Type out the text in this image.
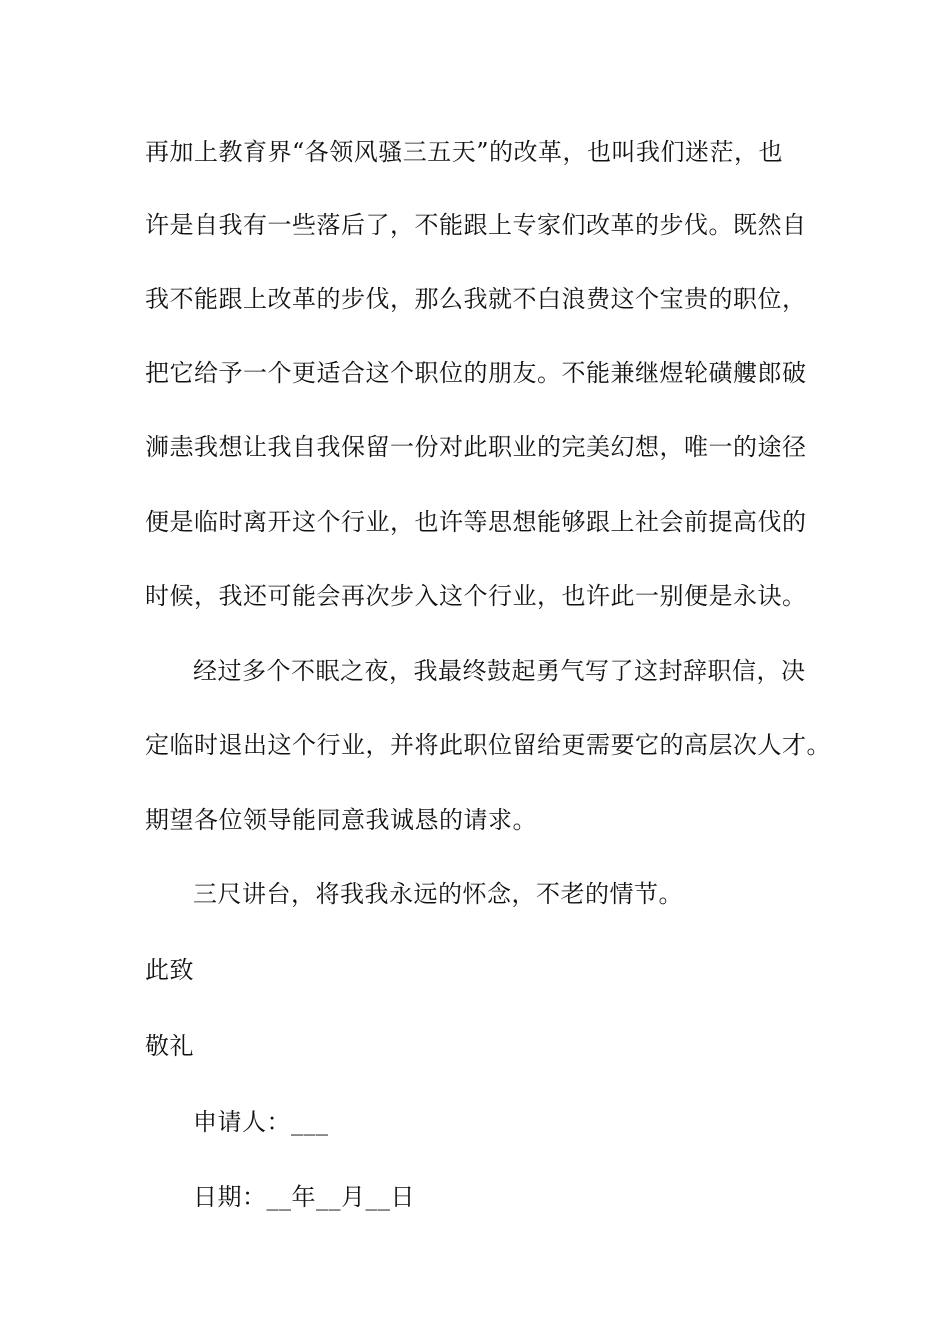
再加上教育界“各领风骚三五天”的改革，也叫我们迷茫，也
许是自我有一些落后了，不能跟上专家们改革的步伐。既然自
我不能跟上改革的步伐，那么我就不白浪费这个宝贵的职位，
把它给予一个更适合这个职位的朋友。不能兼继煜轮磺艛郎破
浉恚我想让我自我保留一份对此职业的完美幻想，唯一的途径
便是临时离开这个行业，也许等思想能够跟上社会前提高伐的
时候，我还可能会再次步入这个行业，也许此一别便是永诀。
经过多个不眠之夜，我最终鼓起勇气写了这封辞职信，决
定临时退出这个行业，并将此职位留给更需要它的高层次人才。
期望各位领导能同意我诚恳的请求。
三尺讲台，将我我永远的怀念，不老的情节。
此致
敬礼
申请人：___
日期：__年__月__日
